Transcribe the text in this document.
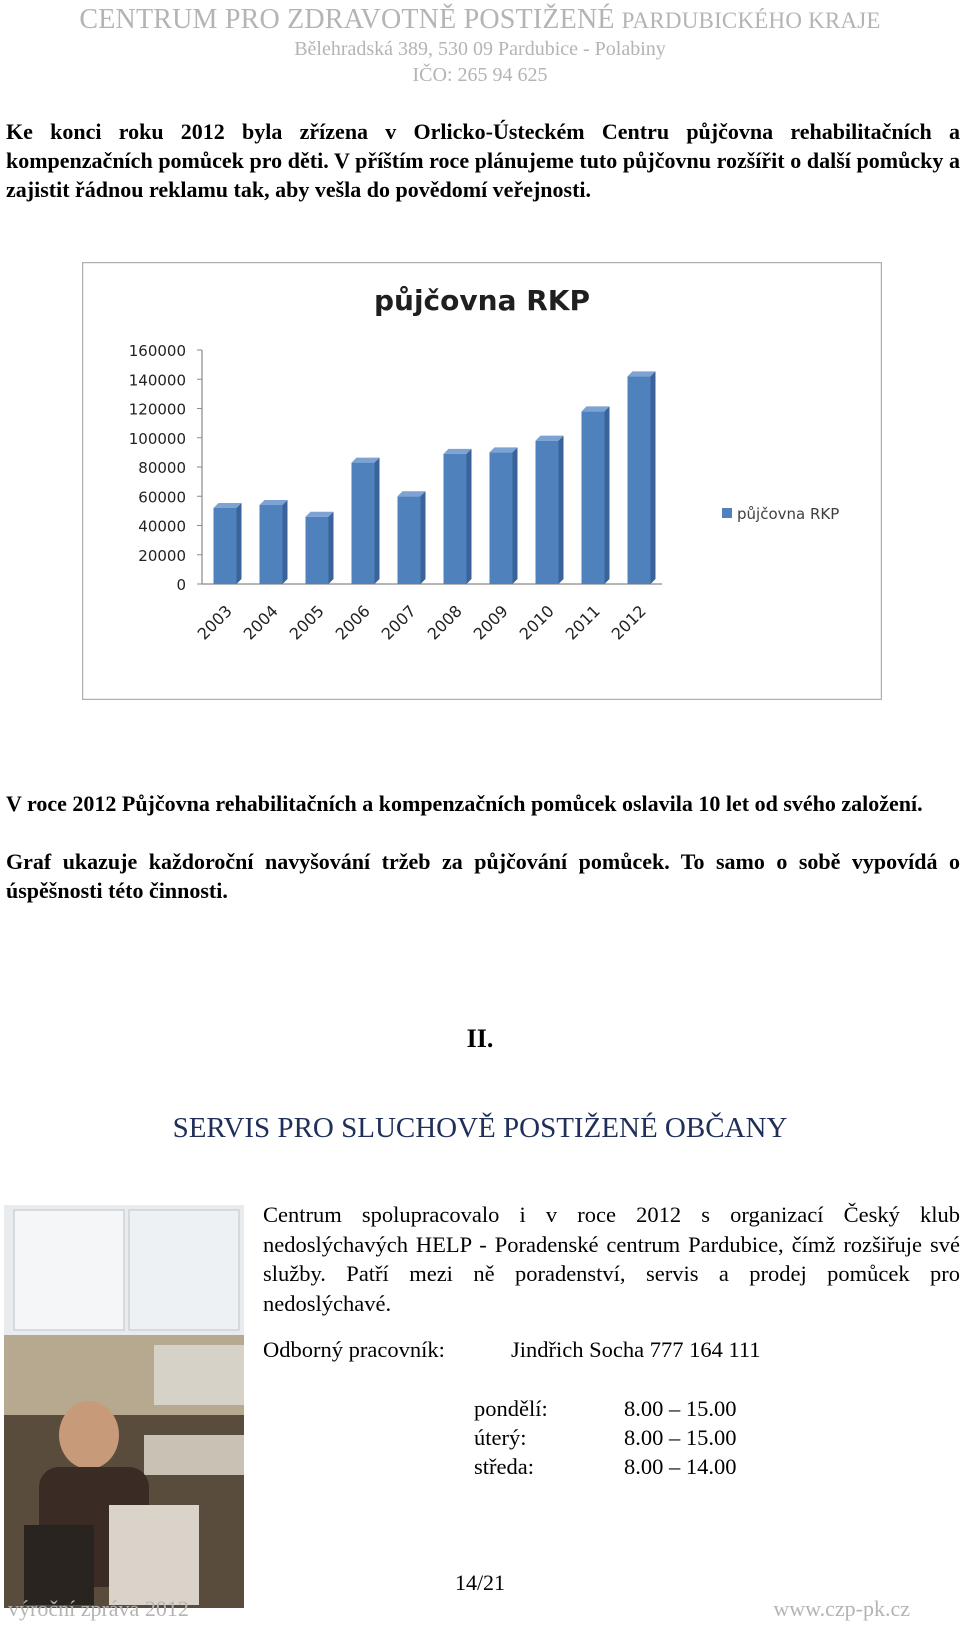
CENTRUM PRO ZDRAVOTNĚ POSTIŽENÉ PARDUBICKÉHO KRAJE
Bělehradská 389, 530 09 Pardubice - Polabiny
IČO: 265 94 625
Ke konci roku 2012 byla zřízena v Orlicko-Ústeckém Centru půjčovna rehabilitačních a kompenzačních pomůcek pro děti. V příštím roce plánujeme tuto půjčovnu rozšířit o další pomůcky a zajistit řádnou reklamu tak, aby vešla do povědomí veřejnosti.
půjčovna RKP
0
20000
40000
60000
80000
100000
120000
140000
160000
2003 2004 2005 2006 2007 2008 2009 2010 2011 2012
půjčovna RKP
V roce 2012 Půjčovna rehabilitačních a kompenzačních pomůcek oslavila 10 let od svého založení.
Graf ukazuje každoroční navyšování tržeb za půjčování pomůcek. To samo o sobě vypovídá o úspěšnosti této činnosti.
II.
SERVIS PRO SLUCHOVĚ POSTIŽENÉ OBČANY
Centrum spolupracovalo i v roce 2012 s organizací Český klub nedoslýchavých HELP - Poradenské centrum Pardubice, čímž rozšiřuje své služby. Patří mezi ně poradenství, servis a prodej pomůcek pro nedoslýchavé.
Odborný pracovník:	Jindřich Socha 777 164 111
pondělí:	8.00 – 15.00
úterý:	8.00 – 15.00
středa:	8.00 – 14.00
14/21
výroční zpráva 2012	www.czp-pk.cz
